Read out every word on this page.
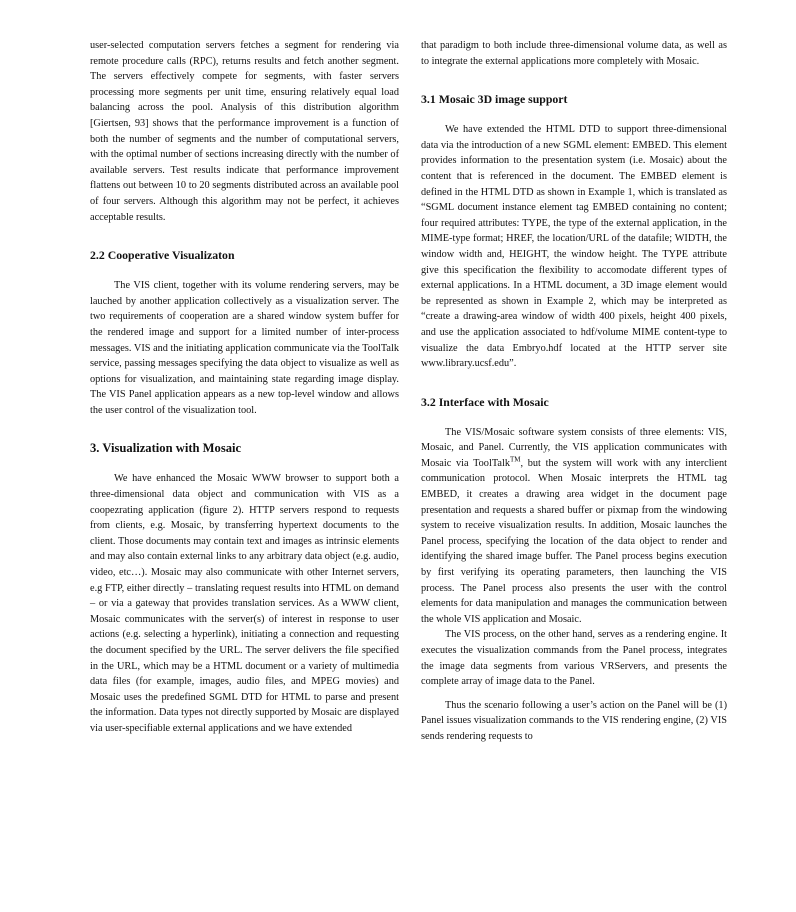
user-selected computation servers fetches a segment for rendering via remote procedure calls (RPC), returns results and fetch another segment. The servers effectively compete for segments, with faster servers processing more segments per unit time, ensuring relatively equal load balancing across the pool. Analysis of this distribution algorithm [Giertsen, 93] shows that the performance improvement is a function of both the number of segments and the number of computational servers, with the optimal number of sections increasing directly with the number of available servers. Test results indicate that performance improvement flattens out between 10 to 20 segments distributed across an available pool of four servers. Although this algorithm may not be perfect, it achieves acceptable results.

2.2 Cooperative Visualizaton

The VIS client, together with its volume rendering servers, may be lauched by another application collectively as a visualization server. The two requirements of cooperation are a shared window system buffer for the rendered image and support for a limited number of inter-process messages. VIS and the initiating application communicate via the ToolTalk service, passing messages specifying the data object to visualize as well as options for visualization, and maintaining state regarding image display. The VIS Panel application appears as a new top-level window and allows the user control of the visualization tool.

3. Visualization with Mosaic

We have enhanced the Mosaic WWW browser to support both a three-dimensional data object and communication with VIS as a coopezrating application (figure 2). HTTP servers respond to requests from clients, e.g. Mosaic, by transferring hypertext documents to the client. Those documents may contain text and images as intrinsic elements and may also contain external links to any arbitrary data object (e.g. audio, video, etc…). Mosaic may also communicate with other Internet servers, e.g FTP, either directly – translating request results into HTML on demand – or via a gateway that provides translation services. As a WWW client, Mosaic communicates with the server(s) of interest in response to user actions (e.g. selecting a hyperlink), initiating a connection and requesting the document specified by the URL. The server delivers the file specified in the URL, which may be a HTML document or a variety of multimedia data files (for example, images, audio files, and MPEG movies) and Mosaic uses the predefined SGML DTD for HTML to parse and present the information. Data types not directly supported by Mosaic are displayed via user-specifiable external applications and we have extended

that paradigm to both include three-dimensional volume data, as well as to integrate the external applications more completely with Mosaic.

3.1 Mosaic 3D image support

We have extended the HTML DTD to support three-dimensional data via the introduction of a new SGML element: EMBED. This element provides information to the presentation system (i.e. Mosaic) about the content that is referenced in the document. The EMBED element is defined in the HTML DTD as shown in Example 1, which is translated as “SGML document instance element tag EMBED containing no content; four required attributes: TYPE, the type of the external application, in the MIME-type format; HREF, the location/URL of the datafile; WIDTH, the window width and, HEIGHT, the window height. The TYPE attribute give this specification the flexibility to accomodate different types of external applications. In a HTML document, a 3D image element would be represented as shown in Example 2, which may be interpreted as “create a drawing-area window of width 400 pixels, height 400 pixels, and use the application associated to hdf/volume MIME content-type to visualize the data Embryo.hdf located at the HTTP server site www.library.ucsf.edu”.

3.2 Interface with Mosaic

The VIS/Mosaic software system consists of three elements: VIS, Mosaic, and Panel. Currently, the VIS application communicates with Mosaic via ToolTalk™, but the system will work with any interclient communication protocol. When Mosaic interprets the HTML tag EMBED, it creates a drawing area widget in the document page presentation and requests a shared buffer or pixmap from the windowing system to receive visualization results. In addition, Mosaic launches the Panel process, specifying the location of the data object to render and identifying the shared image buffer. The Panel process begins execution by first verifying its operating parameters, then launching the VIS process. The Panel process also presents the user with the control elements for data manipulation and manages the communication between the whole VIS application and Mosaic.

The VIS process, on the other hand, serves as a rendering engine. It executes the visualization commands from the Panel process, integrates the image data segments from various VRServers, and presents the complete array of image data to the Panel.

Thus the scenario following a user’s action on the Panel will be (1) Panel issues visualization commands to the VIS rendering engine, (2) VIS sends rendering requests to
